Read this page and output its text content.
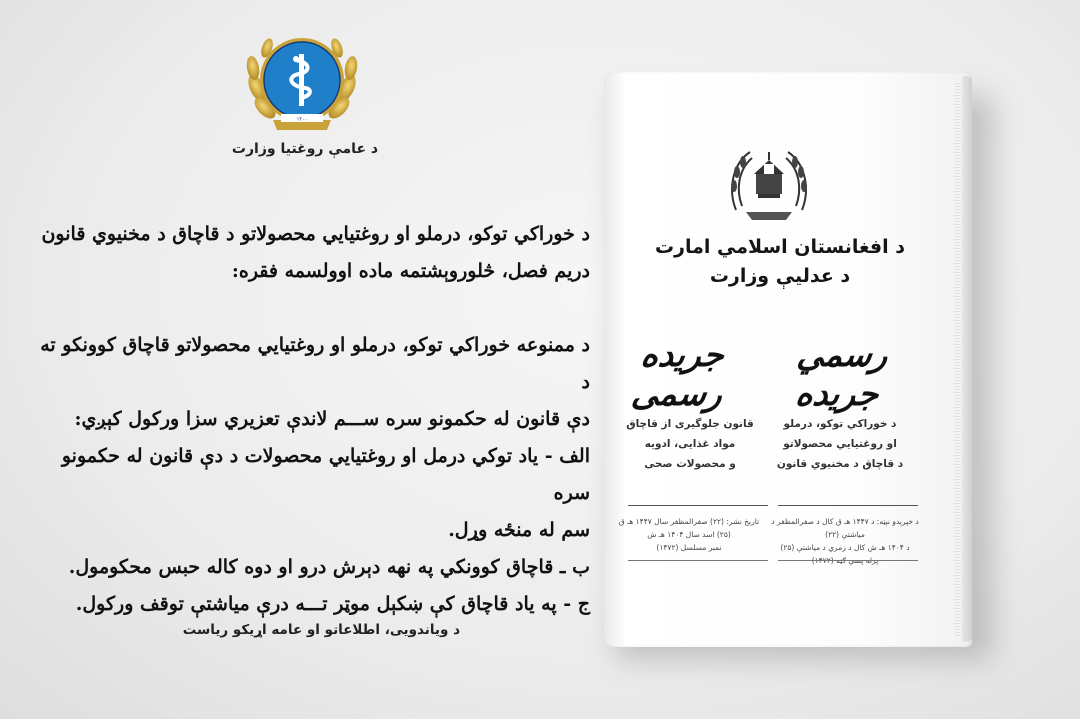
۱۴۰۰
د عامې روغتيا وزارت

د خوراکي توکو، درملو او روغتیایي محصولاتو د قاچاق د مخنیوي قانون

دریم فصل، څلوروېشتمه ماده اوولسمه فقره:

د ممنوعه خوراکي توکو، درملو او روغتیایي محصولاتو قاچاق کوونکو ته د

دې قانون له حکمونو سره ســـم لاندې تعزيري سزا ورکول کېږي:

الف - یاد توکي درمل او روغتیایي محصولات د دې قانون له حکمونو سره

سم له منځه وړل.

ب ـ قاچاق کوونکي په نهه دېرش درو او دوه کاله حبس محکومول.

ج - په یاد قاچاق کې ښکېل موټر تـــه درې میاشتې توقف ورکول.

د ویاندویی، اطلاعاتو او عامه اړیکو ریاست
د افغانستان اسلامي امارت
د عدلیې وزارت
رسمي جريده
جريده رسمی
د خوراکي توکو، درملو
او روغتیایي محصولاتو
د قاچاق د مخنیوي قانون
قانون جلوگیری از قاچاق
مواد غذایی، ادویه
و محصولات صحی
د خپرېدو نېټه: د ۱۴۴۷ هـ ق کال د صفرالمظفر د میاشتې (۲۲)
د ۱۴۰۴ هـ ش کال د زمري د میاشتې (۲۵)
تاریخ نشر: (۲۲) صفرالمظفر سال ۱۴۴۷ هـ ق
(۲۵) اسد سال ۱۴۰۴ هـ ش
نمبر مسلسل (۱۴۷۲)
